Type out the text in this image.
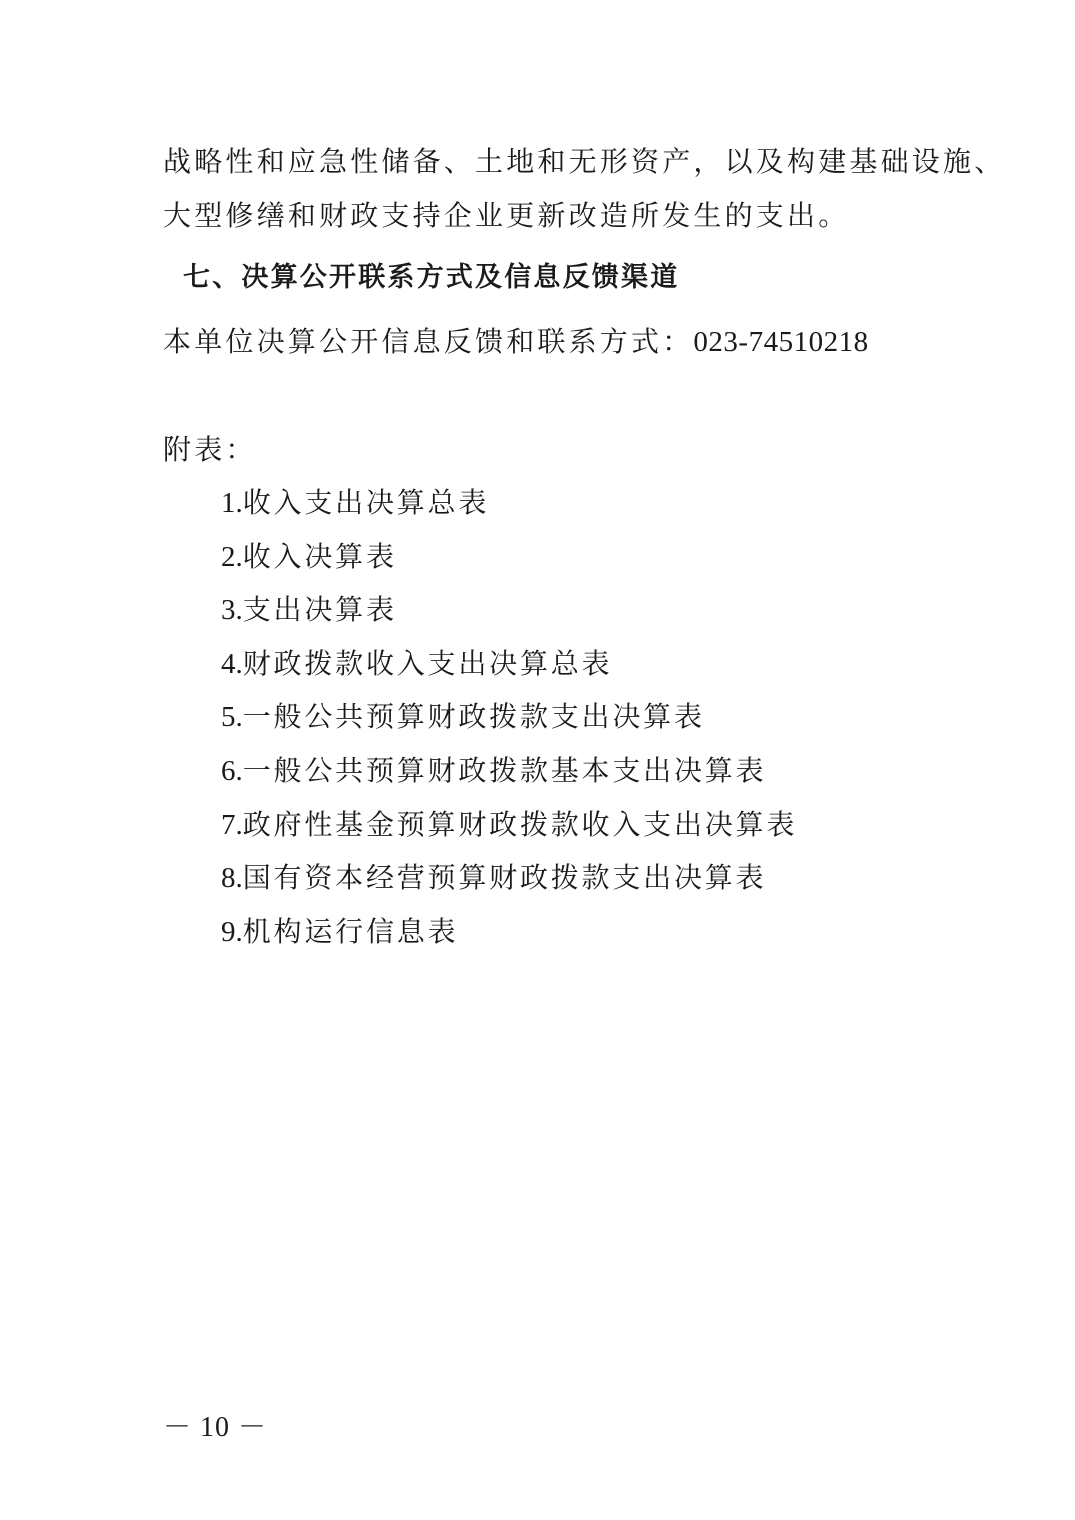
战略性和应急性储备、土地和无形资产，以及构建基础设施、
大型修缮和财政支持企业更新改造所发生的支出。
七、决算公开联系方式及信息反馈渠道
本单位决算公开信息反馈和联系方式：023-74510218
附表：
1.收入支出决算总表
2.收入决算表
3.支出决算表
4.财政拨款收入支出决算总表
5.一般公共预算财政拨款支出决算表
6.一般公共预算财政拨款基本支出决算表
7.政府性基金预算财政拨款收入支出决算表
8.国有资本经营预算财政拨款支出决算表
9.机构运行信息表
－ 10 －
